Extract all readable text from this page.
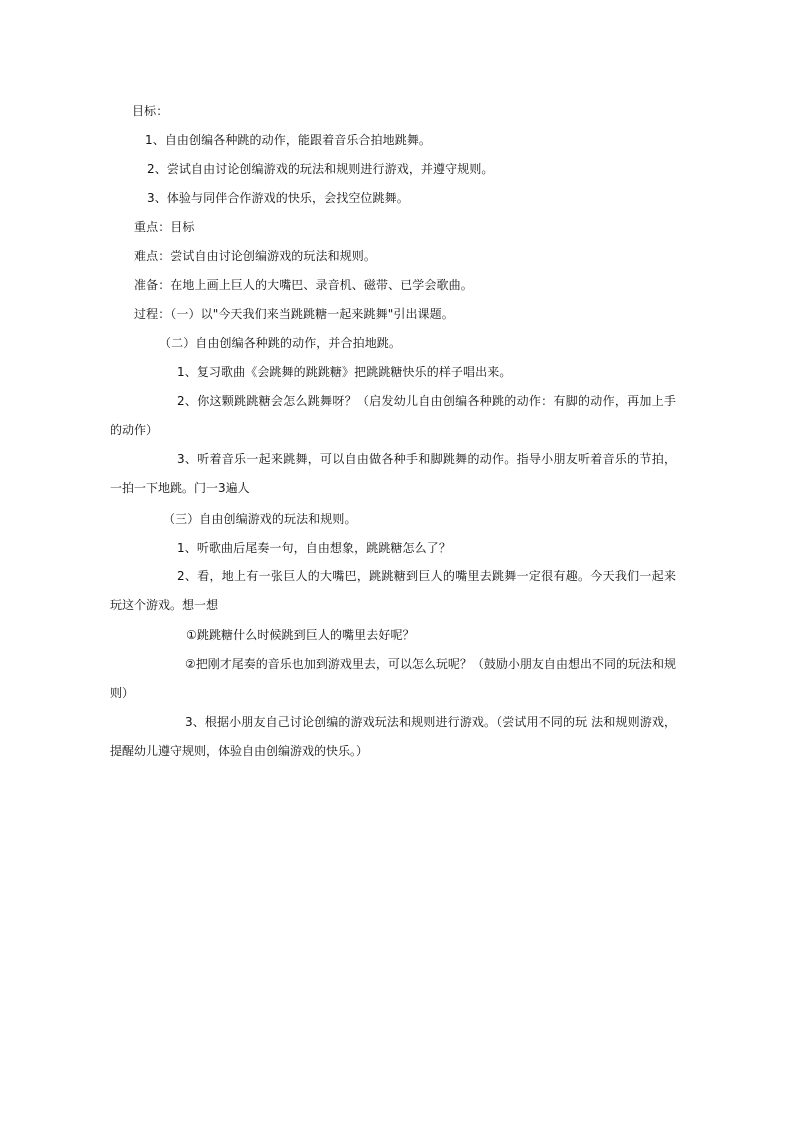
目标：
1、自由创编各种跳的动作，能跟着音乐合拍地跳舞。
2、尝试自由讨论创编游戏的玩法和规则进行游戏，并遵守规则。
3、体验与同伴合作游戏的快乐，会找空位跳舞。
重点：目标
难点：尝试自由讨论创编游戏的玩法和规则。
准备：在地上画上巨人的大嘴巴、录音机、磁带、已学会歌曲。
过程：（一）以"今天我们来当跳跳糖一起来跳舞"引出课题。
（二）自由创编各种跳的动作，并合拍地跳。
1、复习歌曲《会跳舞的跳跳糖》把跳跳糖快乐的样子唱出来。
2、你这颗跳跳糖会怎么跳舞呀？（启发幼儿自由创编各种跳的动作：有脚的动作，再加上手的动作）
3、听着音乐一起来跳舞，可以自由做各种手和脚跳舞的动作。指导小朋友听着音乐的节拍，一拍一下地跳。门一3遍人
（三）自由创编游戏的玩法和规则。
1、听歌曲后尾奏一句，自由想象，跳跳糖怎么了？
2、看，地上有一张巨人的大嘴巴，跳跳糖到巨人的嘴里去跳舞一定很有趣。今天我们一起来玩这个游戏。想一想
①跳跳糖什么时候跳到巨人的嘴里去好呢？
②把刚才尾奏的音乐也加到游戏里去，可以怎么玩呢？（鼓励小朋友自由想出不同的玩法和规则）
3、根据小朋友自己讨论创编的游戏玩法和规则进行游戏。（尝试用不同的玩 法和规则游戏，提醒幼儿遵守规则，体验自由创编游戏的快乐。）
